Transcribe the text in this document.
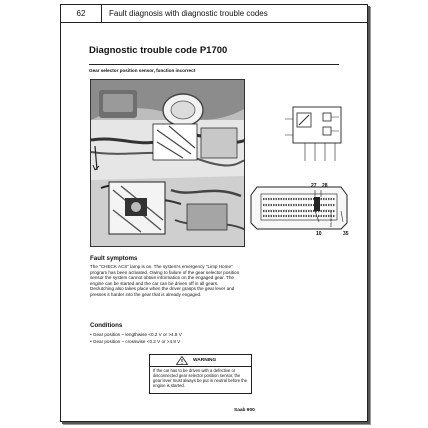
62	Fault diagnosis with diagnostic trouble codes
Diagnostic trouble code P1700
Gear selector position sensor, function incorrect
27 28
10	35
B4H11H7047
Fault symptoms

The "CHECK ACS" lamp is on. The system's emergency "Limp Home" program has been activated. Owing to failure of the gear selector position sensor the system cannot obtain information on the engaged gear. The engine can be started and the car can be driven off in all gears. Declutching also takes place when the driver grasps the gear lever and presses it harder into the gear that is already engaged.

Conditions
• Gear position – lengthwise <0.2 V or >4.8 V
• Gear position – crosswise <0.2 V or >4.8 V
WARNING

If the car has to be driven with a defective or disconnected gear selector position sensor, the gear lever must always be put in neutral before the engine is started.

Saab 900
